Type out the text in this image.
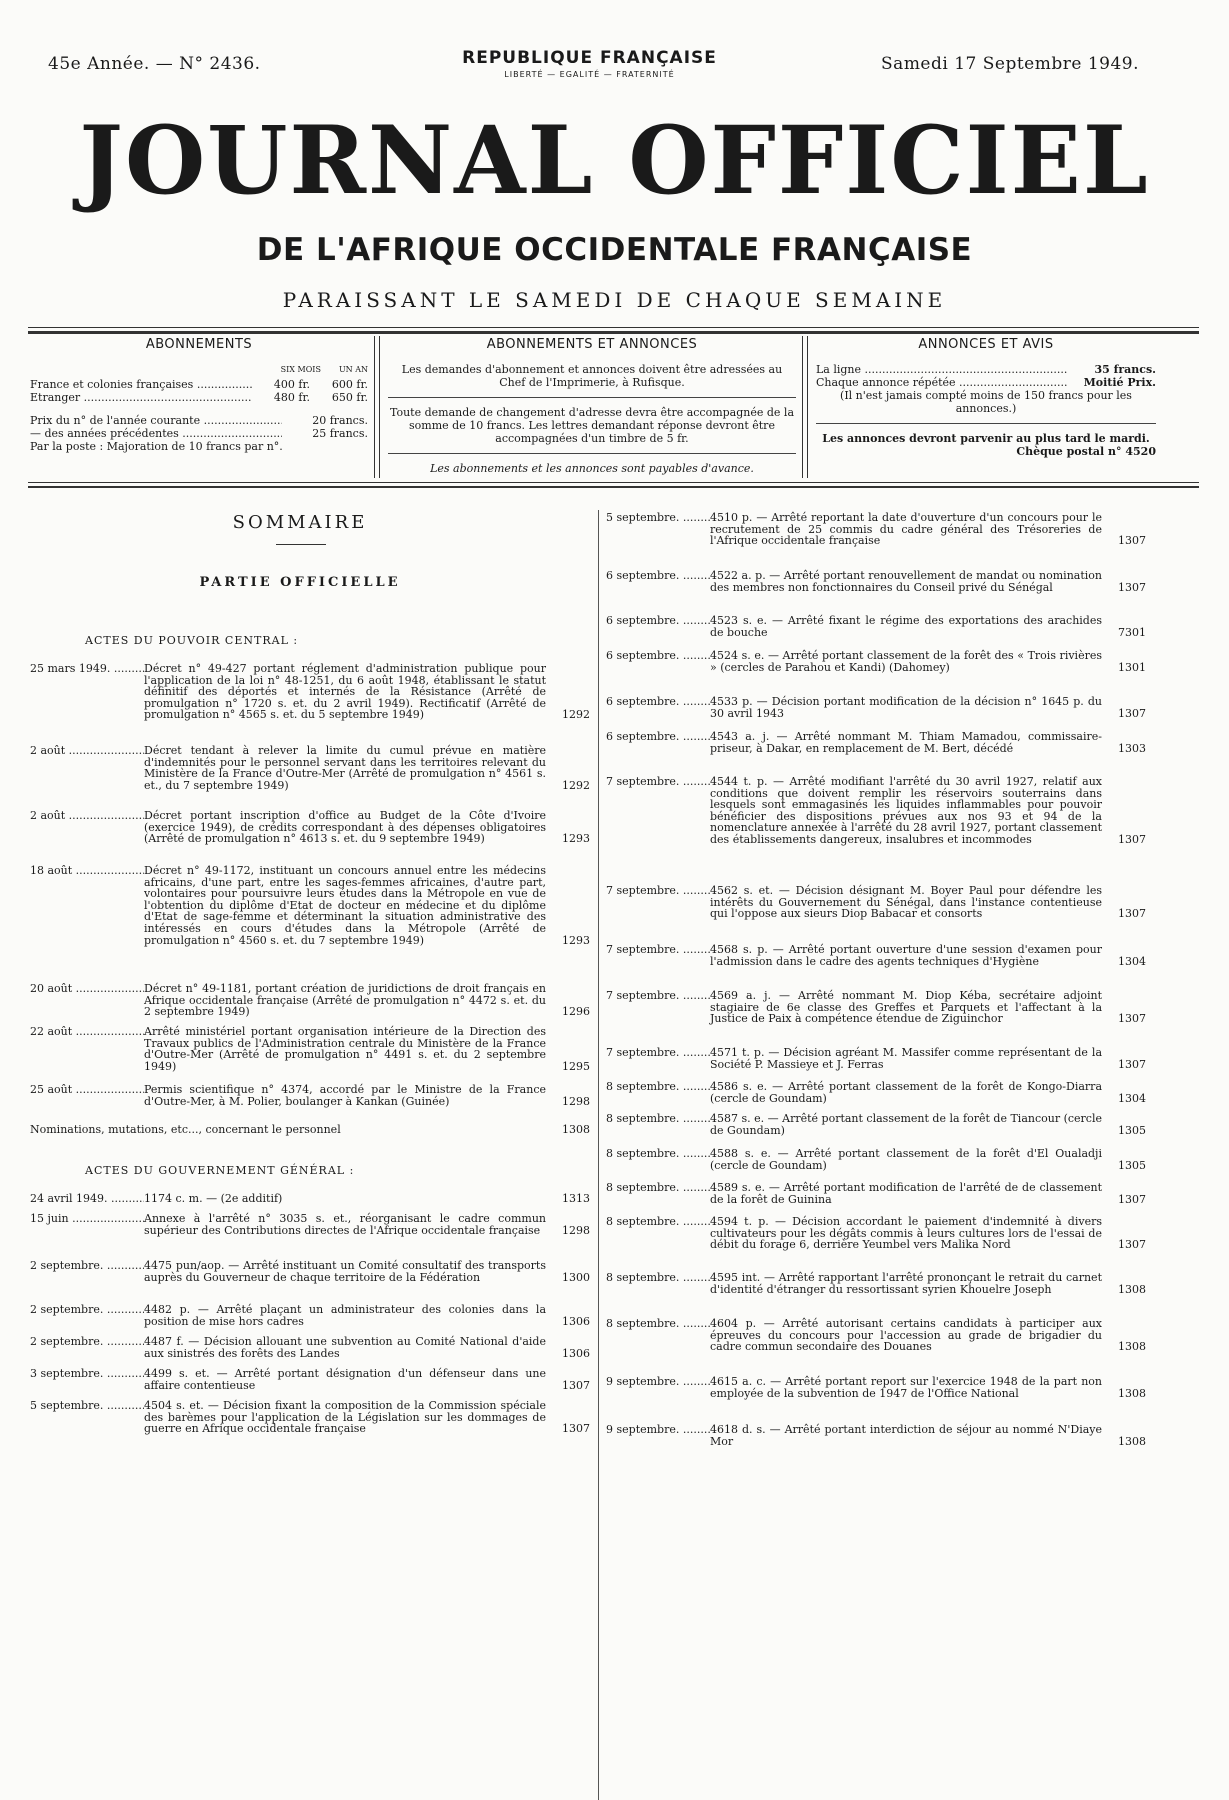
45e Année. — N° 2436.	REPUBLIQUE FRANÇAISE
LIBERTÉ — EGALITÉ — FRATERNITÉ
Samedi 17 Septembre 1949.
JOURNAL OFFICIEL
DE L'AFRIQUE OCCIDENTALE FRANÇAISE
PARAISSANT LE SAMEDI DE CHAQUE SEMAINE
ABONNEMENTS
SIX MOIS UN AN
France et colonies françaises .....	400 fr.	600 fr.
Etranger .....	480 fr.	650 fr.
Prix du n° de l'année courante .....	20 francs.
— des années précédentes .....	25 francs.
Par la poste : Majoration de 10 francs par n°.
ABONNEMENTS ET ANNONCES

Les demandes d'abonnement et annonces doivent être adressées au Chef de l'Imprimerie, à Rufisque.

Toute demande de changement d'adresse devra être accompagnée de la somme de 10 francs. Les lettres demandant réponse devront être accompagnées d'un timbre de 5 fr.

Les abonnements et les annonces sont payables d'avance.

ANNONCES ET AVIS
La ligne .....	35 francs.
Chaque annonce répétée .....	Moitié Prix.

(Il n'est jamais compté moins de 150 francs pour les annonces.)

Les annonces devront parvenir au plus tard le mardi.

Chèque postal n° 4520

SOMMAIRE
PARTIE OFFICIELLE
ACTES DU POUVOIR CENTRAL :
ACTES DU GOUVERNEMENT GÉNÉRAL :
25 mars 1949. .....	Décret n° 49-427 portant réglement d'administration publique pour l'application de la loi n° 48-1251, du 6 août 1948, établissant le statut définitif des déportés et internés de la Résistance (Arrêté de promulgation n° 1720 s. et. du 2 avril 1949). Rectificatif (Arrêté de promulgation n° 4565 s. et. du 5 septembre 1949)	1292
2 août .....	Décret tendant à relever la limite du cumul prévue en matière d'indemnités pour le personnel servant dans les territoires relevant du Ministère de la France d'Outre-Mer (Arrêté de promulgation n° 4561 s. et., du 7 septembre 1949)	1292
2 août .....	Décret portant inscription d'office au Budget de la Côte d'Ivoire (exercice 1949), de crédits correspondant à des dépenses obligatoires (Arrêté de promulgation n° 4613 s. et. du 9 septembre 1949)	1293
18 août .....	Décret n° 49-1172, instituant un concours annuel entre les médecins africains, d'une part, entre les sages-femmes africaines, d'autre part, volontaires pour poursuivre leurs études dans la Métropole en vue de l'obtention du diplôme d'Etat de docteur en médecine et du diplôme d'Etat de sage-femme et déterminant la situation administrative des intéressés en cours d'études dans la Métropole (Arrêté de promulgation n° 4560 s. et. du 7 septembre 1949)	1293
20 août .....	Décret n° 49-1181, portant création de juridictions de droit français en Afrique occidentale française (Arrêté de promulgation n° 4472 s. et. du 2 septembre 1949)	1296
22 août .....	Arrêté ministériel portant organisation intérieure de la Direction des Travaux publics de l'Administration centrale du Ministère de la France d'Outre-Mer (Arrêté de promulgation n° 4491 s. et. du 2 septembre 1949)	1295
25 août .....	Permis scientifique n° 4374, accordé par le Ministre de la France d'Outre-Mer, à M. Polier, boulanger à Kankan (Guinée)	1298
Nominations, mutations, etc..., concernant le personnel	1308
24 avril 1949. .....	1174 c. m. — (2e additif)	1313
15 juin .....	Annexe à l'arrêté n° 3035 s. et., réorganisant le cadre commun supérieur des Contributions directes de l'Afrique occidentale française	1298
2 septembre. .....	4475 pun/aop. — Arrêté instituant un Comité consultatif des transports auprès du Gouverneur de chaque territoire de la Fédération	1300
2 septembre. .....	4482 p. — Arrêté plaçant un administrateur des colonies dans la position de mise hors cadres	1306
2 septembre. .....	4487 f. — Décision allouant une subvention au Comité National d'aide aux sinistrés des forêts des Landes	1306
3 septembre. .....	4499 s. et. — Arrêté portant désignation d'un défenseur dans une affaire contentieuse	1307
5 septembre. .....	4504 s. et. — Décision fixant la composition de la Commission spéciale des barèmes pour l'application de la Législation sur les dommages de guerre en Afrique occidentale française	1307
5 septembre. .....	4510 p. — Arrêté reportant la date d'ouverture d'un concours pour le recrutement de 25 commis du cadre général des Trésoreries de l'Afrique occidentale française	1307
6 septembre. .....	4522 a. p. — Arrêté portant renouvellement de mandat ou nomination des membres non fonctionnaires du Conseil privé du Sénégal	1307
6 septembre. .....	4523 s. e. — Arrêté fixant le régime des exportations des arachides de bouche	7301
6 septembre. .....	4524 s. e. — Arrêté portant classement de la forêt des « Trois rivières » (cercles de Parahou et Kandi) (Dahomey)	1301
6 septembre. .....	4533 p. — Décision portant modification de la décision n° 1645 p. du 30 avril 1943	1307
6 septembre. .....	4543 a. j. — Arrêté nommant M. Thiam Mamadou, commissaire-priseur, à Dakar, en remplacement de M. Bert, décédé	1303
7 septembre. .....	4544 t. p. — Arrêté modifiant l'arrêté du 30 avril 1927, relatif aux conditions que doivent remplir les réservoirs souterrains dans lesquels sont emmagasinés les liquides inflammables pour pouvoir bénéficier des dispositions prévues aux nos 93 et 94 de la nomenclature annexée à l'arrêté du 28 avril 1927, portant classement des établissements dangereux, insalubres et incommodes	1307
7 septembre. .....	4562 s. et. — Décision désignant M. Boyer Paul pour défendre les intérêts du Gouvernement du Sénégal, dans l'instance contentieuse qui l'oppose aux sieurs Diop Babacar et consorts	1307
7 septembre. .....	4568 s. p. — Arrêté portant ouverture d'une session d'examen pour l'admission dans le cadre des agents techniques d'Hygiène	1304
7 septembre. .....	4569 a. j. — Arrêté nommant M. Diop Kéba, secrétaire adjoint stagiaire de 6e classe des Greffes et Parquets et l'affectant à la Justice de Paix à compétence étendue de Ziguinchor	1307
7 septembre. .....	4571 t. p. — Décision agréant M. Massifer comme représentant de la Société P. Massieye et J. Ferras	1307
8 septembre. .....	4586 s. e. — Arrêté portant classement de la forêt de Kongo-Diarra (cercle de Goundam)	1304
8 septembre. .....	4587 s. e. — Arrêté portant classement de la forêt de Tiancour (cercle de Goundam)	1305
8 septembre. .....	4588 s. e. — Arrêté portant classement de la forêt d'El Oualadji (cercle de Goundam)	1305
8 septembre. .....	4589 s. e. — Arrêté portant modification de l'arrêté de de classement de la forêt de Guinina	1307
8 septembre. .....	4594 t. p. — Décision accordant le paiement d'indemnité à divers cultivateurs pour les dégâts commis à leurs cultures lors de l'essai de débit du forage 6, derrière Yeumbel vers Malika Nord	1307
8 septembre. .....	4595 int. — Arrêté rapportant l'arrêté prononçant le retrait du carnet d'identité d'étranger du ressortissant syrien Khouelre Joseph	1308
8 septembre. .....	4604 p. — Arrêté autorisant certains candidats à participer aux épreuves du concours pour l'accession au grade de brigadier du cadre commun secondaire des Douanes	1308
9 septembre. .....	4615 a. c. — Arrêté portant report sur l'exercice 1948 de la part non employée de la subvention de 1947 de l'Office National	1308
9 septembre. .....	4618 d. s. — Arrêté portant interdiction de séjour au nommé N'Diaye Mor	1308
